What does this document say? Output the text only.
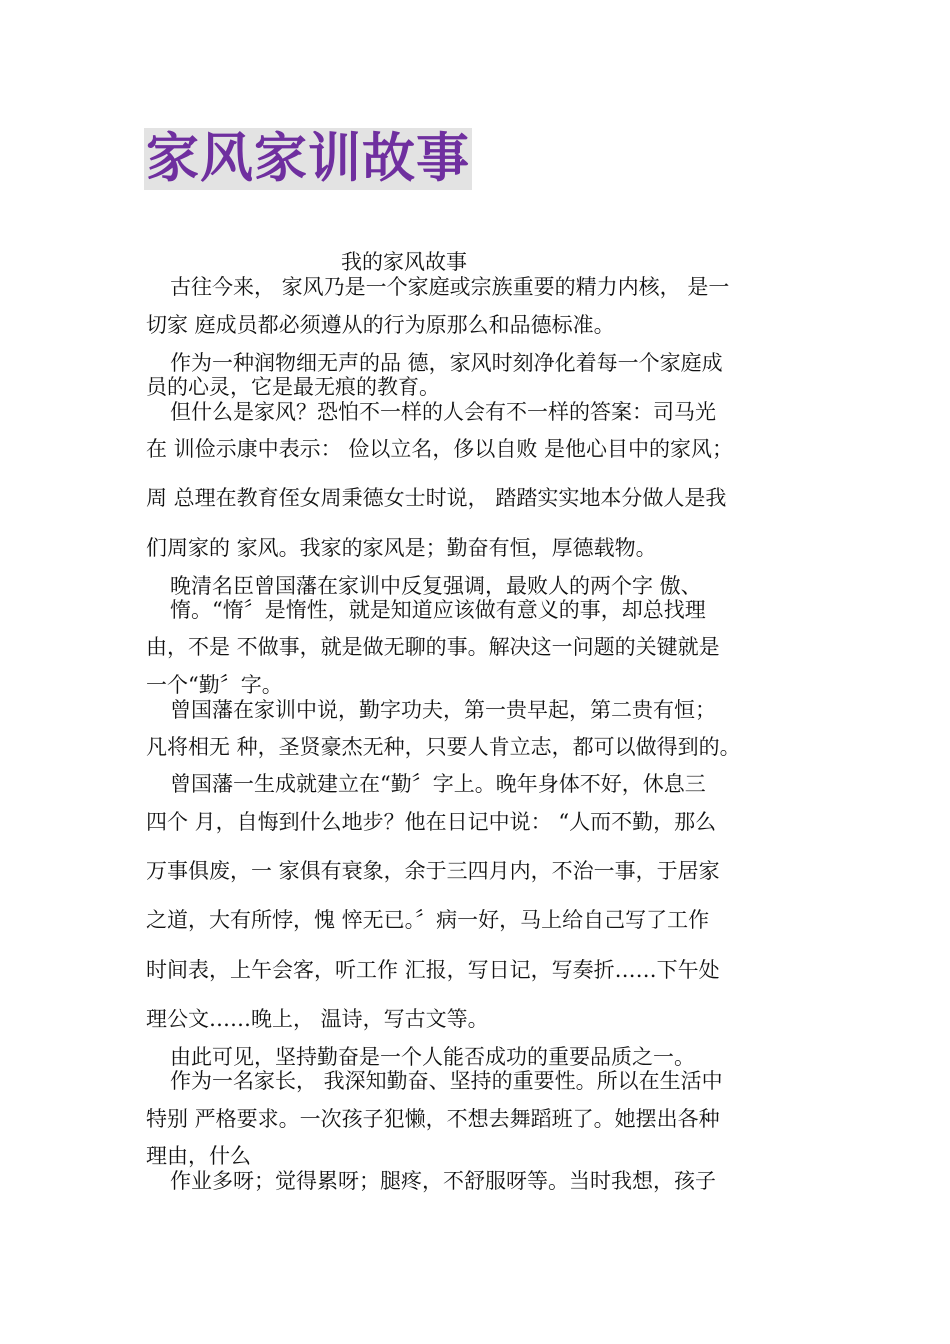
家风家训故事
我的家风故事
古往今来， 家风乃是一个家庭或宗族重要的精力内核， 是一
切家 庭成员都必须遵从的行为原那么和品德标准。
作为一种润物细无声的品 德，家风时刻净化着每一个家庭成
员的心灵，它是最无痕的教育。
但什么是家风？恐怕不一样的人会有不一样的答案：司马光
在 训俭示康中表示： 俭以立名，侈以自败 是他心目中的家风；
周 总理在教育侄女周秉德女士时说， 踏踏实实地本分做人是我
们周家的 家风。我家的家风是；勤奋有恒，厚德载物。
晚清名臣曾国藩在家训中反复强调，最败人的两个字 傲、
惰。“惰〞是惰性，就是知道应该做有意义的事，却总找理
由，不是 不做事，就是做无聊的事。解决这一问题的关键就是
一个“勤〞字。
曾国藩在家训中说，勤字功夫，第一贵早起，第二贵有恒；
凡将相无 种，圣贤豪杰无种，只要人肯立志，都可以做得到的。
曾国藩一生成就建立在“勤〞字上。晚年身体不好，休息三
四个 月，自悔到什么地步？他在日记中说： “人而不勤，那么
万事俱废，一 家俱有衰象，余于三四月内，不治一事，于居家
之道，大有所悖，愧 悴无已。〞病一好，马上给自己写了工作
时间表，上午会客，听工作 汇报，写日记，写奏折……下午处
理公文……晚上， 温诗，写古文等。
由此可见，坚持勤奋是一个人能否成功的重要品质之一。
作为一名家长， 我深知勤奋、坚持的重要性。所以在生活中
特别 严格要求。一次孩子犯懒，不想去舞蹈班了。她摆出各种
理由，什么
作业多呀；觉得累呀；腿疼，不舒服呀等。当时我想，孩子
